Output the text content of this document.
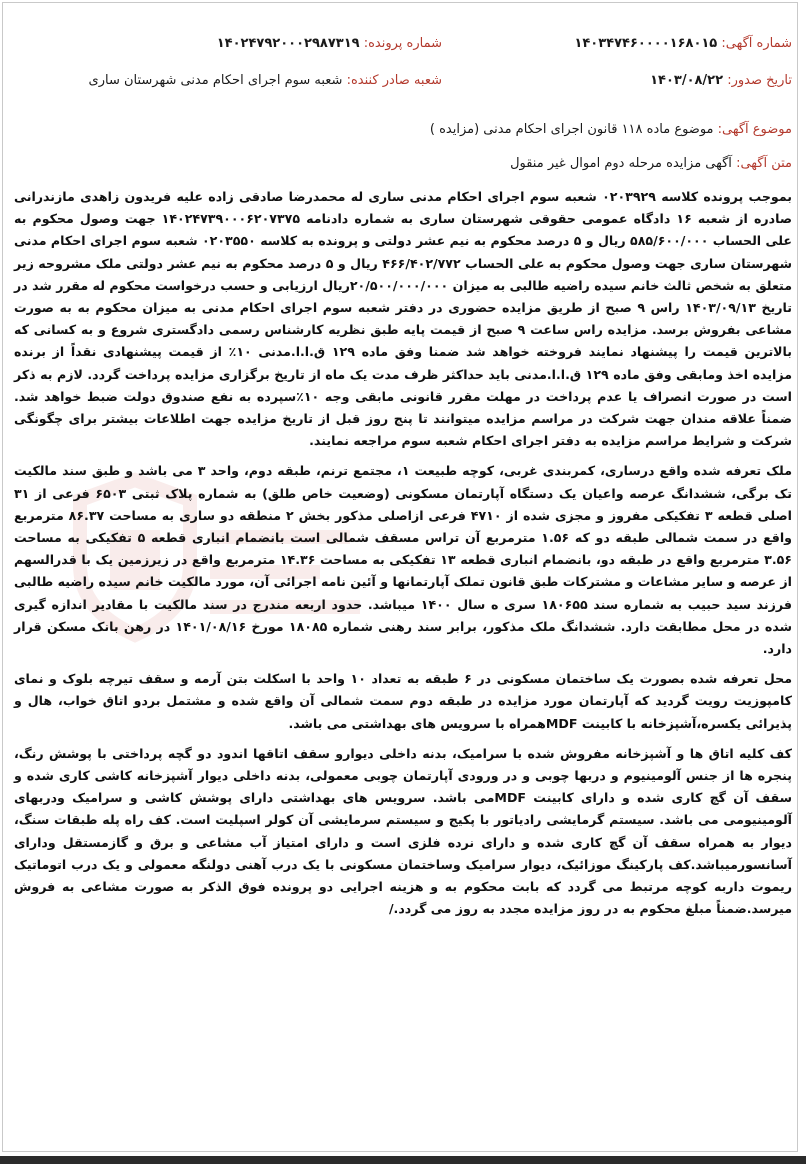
شماره آگهی: ۱۴۰۳۴۷۴۶۰۰۰۰۱۶۸۰۱۵
شماره پرونده: ۱۴۰۲۴۷۹۲۰۰۰۲۹۸۷۳۱۹
تاریخ صدور: ۱۴۰۳/۰۸/۲۲
شعبه صادر کننده: شعبه سوم اجرای احکام مدنی شهرستان ساری
موضوع آگهی: موضوع ماده ۱۱۸ قانون اجرای احکام مدنی (مزایده )
متن آگهی: آگهی مزایده مرحله دوم اموال غیر منقول

بموجب پرونده کلاسه ۰۲۰۳۹۲۹ شعبه سوم اجرای احکام مدنی ساری له محمدرضا صادقی زاده علیه فریدون زاهدی مازندرانی صادره از شعبه ۱۶ دادگاه عمومی حقوقی شهرستان ساری به شماره دادنامه ۱۴۰۲۴۷۳۹۰۰۰۶۲۰۷۳۷۵ جهت وصول محکوم به علی الحساب ۵۸۵/۶۰۰/۰۰۰ ریال و ۵ درصد محکوم به نیم عشر دولتی و پرونده به کلاسه ۰۲۰۳۵۵۰ شعبه سوم اجرای احکام مدنی شهرستان ساری جهت وصول محکوم به علی الحساب ۴۶۶/۴۰۲/۷۷۲ ریال و ۵ درصد محکوم به نیم عشر دولتی ملک مشروحه زیر متعلق به شخص ثالث خانم سیده راضیه طالبی به میزان ۲۰/۵۰۰/۰۰۰/۰۰۰ریال ارزیابی و حسب درخواست محکوم له مقرر شد در تاریخ ۱۴۰۳/۰۹/۱۳ راس ۹ صبح از طریق مزایده حضوری در دفتر شعبه سوم اجرای احکام مدنی به میزان محکوم به به صورت مشاعی بفروش برسد. مزایده راس ساعت ۹ صبح از قیمت پایه طبق نظریه کارشناس رسمی دادگستری شروع و به کسانی که بالاترین قیمت را پیشنهاد نمایند فروخته خواهد شد ضمنا وفق ماده ۱۲۹ ق.ا.ا.مدنی ۱۰٪ از قیمت پیشنهادی نقداً از برنده مزایده اخذ ومابقی وفق ماده ۱۲۹ ق.ا.ا.مدنی باید حداکثر ظرف مدت یک ماه از تاریخ برگزاری مزایده پرداخت گردد. لازم به ذکر است در صورت انصراف یا عدم پرداخت در مهلت مقرر قانونی مابقی وجه ۱۰٪سپرده به نفع صندوق دولت ضبط خواهد شد. ضمناً علاقه مندان جهت شرکت در مراسم مزایده میتوانند تا پنج روز قبل از تاریخ مزایده جهت اطلاعات بیشتر برای چگونگی شرکت و شرایط مراسم مزایده به دفتر اجرای احکام شعبه سوم مراجعه نمایند.

ملک تعرفه شده واقع درساری، کمربندی غربی، کوچه طبیعت ۱، مجتمع ترنم، طبقه دوم، واحد ۳ می باشد و طبق سند مالکیت تک برگی، ششدانگ عرصه واعیان یک دستگاه آپارتمان مسکونی (وضعیت خاص طلق) به شماره پلاک ثبتی ۶۵۰۳ فرعی از ۳۱ اصلی قطعه ۳ تفکیکی مفروز و مجزی شده از ۴۷۱۰ فرعی ازاصلی مذکور بخش ۲ منطقه دو ساری به مساحت ۸۶.۳۷ مترمربع واقع در سمت شمالی طبقه دو که ۱.۵۶ مترمربع آن تراس مسقف شمالی است بانضمام انباری قطعه ۵ تفکیکی به مساحت ۳.۵۶ مترمربع واقع در طبقه دو، بانضمام انباری قطعه ۱۳ تفکیکی به مساحت ۱۴.۳۶ مترمربع واقع در زیرزمین یک با قدرالسهم از عرصه و سایر مشاعات و مشترکات طبق قانون تملک آپارتمانها و آئین نامه اجرائی آن، مورد مالکیت خانم سیده راضیه طالبی فرزند سید حبیب به شماره سند ۱۸۰۶۵۵ سری ه سال ۱۴۰۰ میباشد. حدود اربعه مندرج در سند مالکیت با مقادیر اندازه گیری شده در محل مطابقت دارد. ششدانگ ملک مذکور، برابر سند رهنی شماره ۱۸۰۸۵ مورخ ۱۴۰۱/۰۸/۱۶ در رهن بانک مسکن قرار دارد.

محل تعرفه شده بصورت یک ساختمان مسکونی در ۶ طبقه به تعداد ۱۰ واحد با اسکلت بتن آرمه و سقف تیرچه بلوک و نمای کامپوزیت رویت گردید که آپارتمان مورد مزایده در طبقه دوم سمت شمالی آن واقع شده و مشتمل بردو اتاق خواب، هال و پذیرائی یکسره،آشپزخانه با کابینت MDFهمراه با سرویس های بهداشتی می باشد.

کف کلیه اتاق ها و آشپزخانه مفروش شده با سرامیک، بدنه داخلی دیوارو سقف اتاقها اندود دو گچه پرداختی با پوشش رنگ، پنجره ها از جنس آلومینیوم و دربها چوبی و در ورودی آپارتمان چوبی معمولی، بدنه داخلی دیوار آشپزخانه کاشی کاری شده و سقف آن گچ کاری شده و دارای کابینت MDFمی باشد. سرویس های بهداشتی دارای پوشش کاشی و سرامیک ودربهای آلومینیومی می باشد. سیستم گرمایشی رادیاتور با پکیج و سیستم سرمایشی آن کولر اسپلیت است. کف راه پله طبقات سنگ، دیوار به همراه سقف آن گچ کاری شده و دارای نرده فلزی است و دارای امتیاز آب مشاعی و برق و گازمستقل ودارای آسانسورمیباشد.کف پارکینگ موزائیک، دیوار سرامیک وساختمان مسکونی با یک درب آهنی دولنگه معمولی و یک درب اتوماتیک ریموت داربه کوچه مرتبط می گردد که بابت محکوم به و هزینه اجرایی دو پرونده فوق الذکر به صورت مشاعی به فروش میرسد.ضمناً مبلغ محکوم به در روز مزایده مجدد به روز می گردد./
